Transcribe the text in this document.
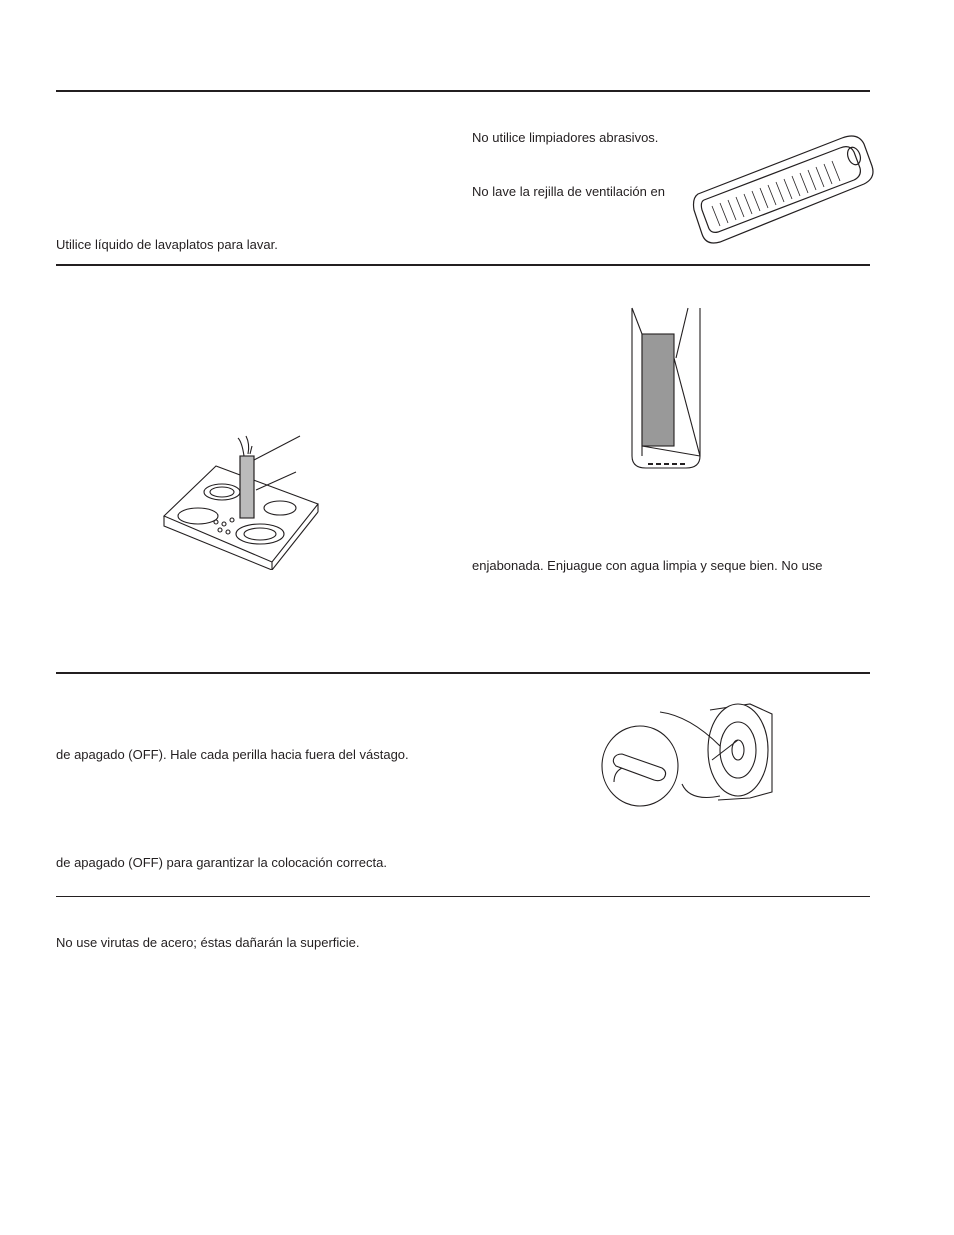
No utilice limpiadores abrasivos.
No lave la rejilla de ventilación en
Utilice líquido de lavaplatos para lavar.
enjabonada. Enjuague con agua limpia y seque bien. No use
de apagado (OFF). Hale cada perilla hacia fuera del vástago.
de apagado (OFF) para garantizar la colocación correcta.
No use virutas de acero; éstas dañarán la superficie.
